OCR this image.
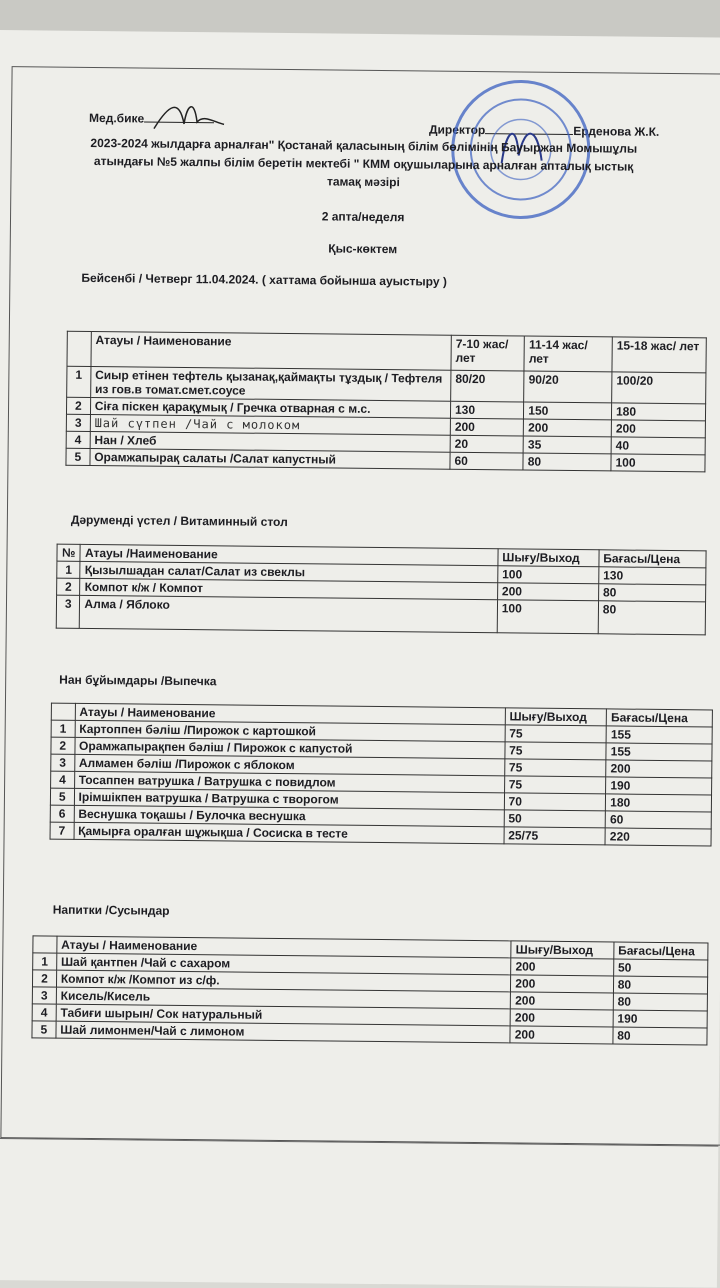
Мед.бике
Директор	Ерденова Ж.К.
2023-2024 жылдарға арналған" Қостанай қаласының білім бөлімінің Бауыржан Момышұлы
атындағы №5 жалпы білім беретін мектебі " КММ оқушыларына арналған апталық ыстық
тамақ мәзірі
2 апта/неделя
Қыс-көктем
Бейсенбі / Четверг 11.04.2024. ( хаттама бойынша ауыстыру )
	Атауы / Наименование	7-10 жас/ лет	11-14 жас/ лет	15-18 жас/ лет
1	Сиыр етінен тефтель қызанақ,қаймақты тұздық / Тефтеля из гов.в томат.смет.соусе	80/20	90/20	100/20
2	Сіға піскен қарақұмық / Гречка отварная с м.с.	130	150	180
3	Шай сүтпен /Чай с молоком	200	200	200
4	Нан / Хлеб	20	35	40
5	Орамжапырақ салаты /Салат капустный	60	80	100
Дәрумендi үстел / Витаминный стол
№	Атауы /Наименование	Шығу/Выход	Бағасы/Цена
1	Қызылшадан салат/Салат из свеклы	100	130
2	Компот к/ж / Компот	200	80
3	Алма / Яблоко	100	80
Нан бұйымдары /Выпечка
	Атауы / Наименование	Шығу/Выход	Бағасы/Цена
1	Картоппен бәліш /Пирожок с картошкой	75	155
2	Орамжапырақпен бәліш / Пирожок с капустой	75	155
3	Алмамен бәліш /Пирожок с яблоком	75	200
4	Тосаппен ватрушка / Ватрушка с повидлом	75	190
5	Ірімшікпен ватрушка / Ватрушка с творогом	70	180
6	Веснушка тоқашы / Булочка веснушка	50	60
7	Қамырға оралған шұжықша / Сосиска в тесте	25/75	220
Напитки /Сусындар
	Атауы / Наименование	Шығу/Выход	Бағасы/Цена
1	Шай қантпен /Чай с сахаром	200	50
2	Компот к/ж /Компот из с/ф.	200	80
3	Кисель/Кисель	200	80
4	Табиғи шырын/ Сок натуральный	200	190
5	Шай лимонмен/Чай с лимоном	200	80
